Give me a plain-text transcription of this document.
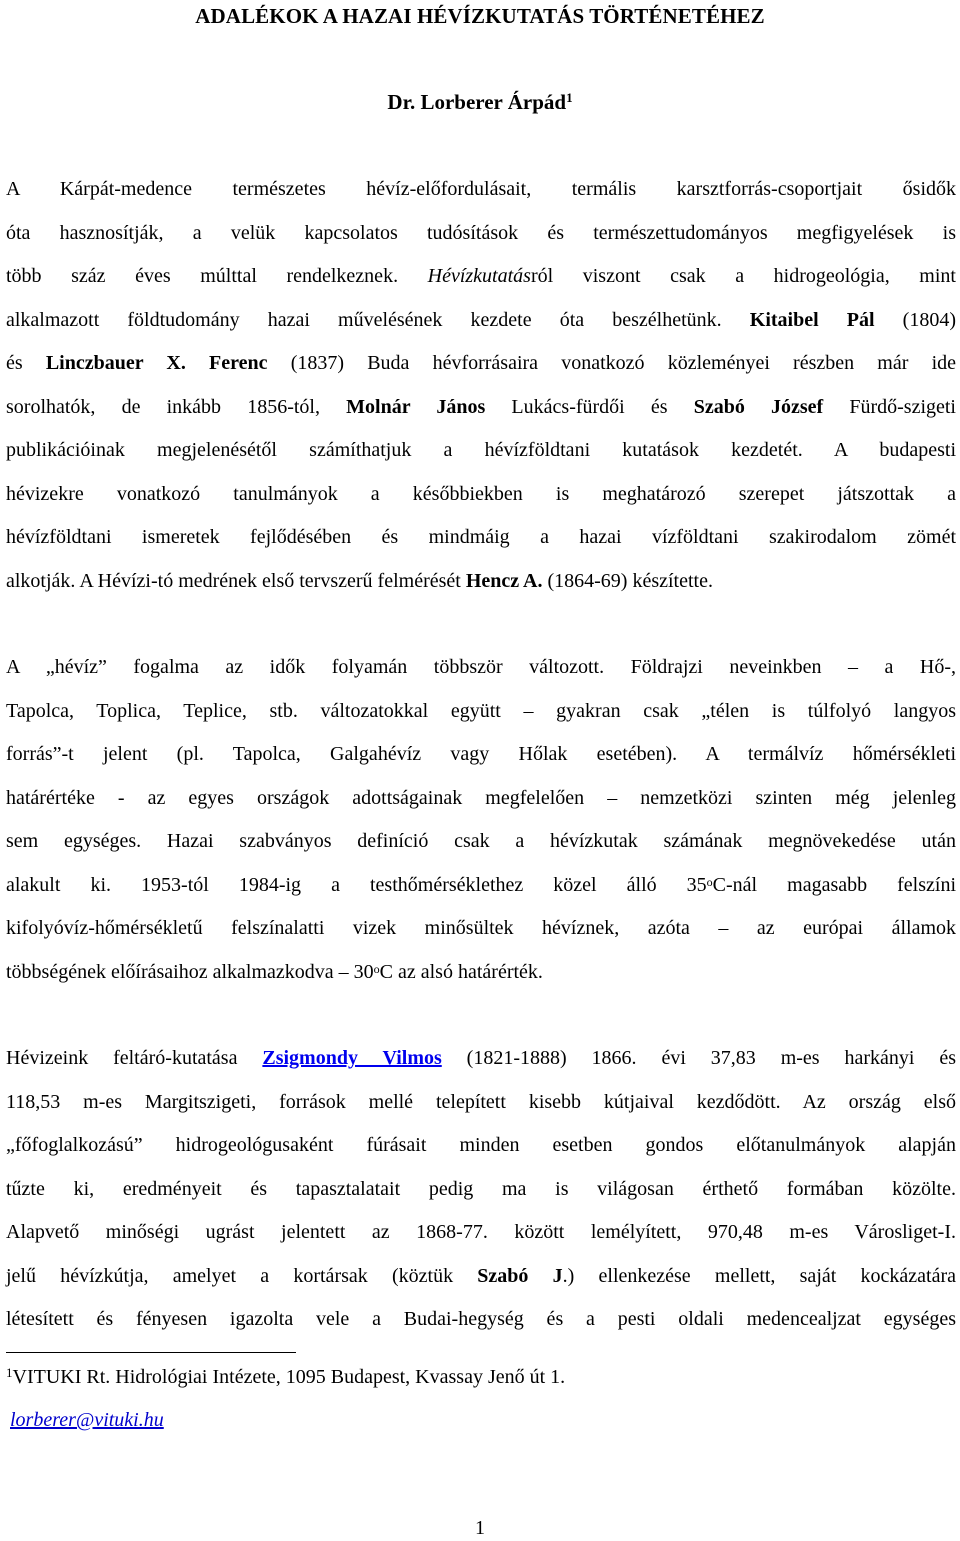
ADALÉKOK A HAZAI HÉVÍZKUTATÁS TÖRTÉNETÉHEZ
Dr. Lorberer Árpád$^1$
A Kárpát-medence természetes hévíz-előfordulásait, termális karsztforrás-csoportjait ősidők
óta hasznosítják, a velük kapcsolatos tudósítások és természettudományos megfigyelések is
több száz éves múlttal rendelkeznek. Hévízkutatásról viszont csak a hidrogeológia, mint
alkalmazott földtudomány hazai művelésének kezdete óta beszélhetünk. Kitaibel Pál (1804)
és Linczbauer X. Ferenc (1837) Buda hévforrásaira vonatkozó közleményei részben már ide
sorolhatók, de inkább 1856-tól, Molnár János Lukács-fürdői és Szabó József Fürdő-szigeti
publikációinak megjelenésétől számíthatjuk a hévízföldtani kutatások kezdetét. A budapesti
hévizekre vonatkozó tanulmányok a későbbiekben is meghatározó szerepet játszottak a
hévízföldtani ismeretek fejlődésében és mindmáig a hazai vízföldtani szakirodalom zömét
alkotják. A Hévízi-tó medrének első tervszerű felmérését Hencz A. (1864-69) készítette.
A „hévíz” fogalma az idők folyamán többször változott. Földrajzi neveinkben – a Hő-,
Tapolca, Toplica, Teplice, stb. változatokkal együtt – gyakran csak „télen is túlfolyó langyos
forrás”-t jelent (pl. Tapolca, Galgahévíz vagy Hőlak esetében). A termálvíz hőmérsékleti
határértéke - az egyes országok adottságainak megfelelően – nemzetközi szinten még jelenleg
sem egységes. Hazai szabványos definíció csak a hévízkutak számának megnövekedése után
alakult ki. 1953-tól 1984-ig a testhőmérséklethez közel álló 35$^o$C-nál magasabb felszíni
kifolyóvíz-hőmérsékletű felszínalatti vizek minősültek hévíznek, azóta – az európai államok
többségének előírásaihoz alkalmazkodva – 30$^o$C az alsó határérték.
Hévizeink feltáró-kutatása Zsigmondy Vilmos (1821-1888) 1866. évi 37,83 m-es harkányi és
118,53 m-es Margitszigeti, források mellé telepített kisebb kútjaival kezdődött. Az ország első
„főfoglalkozású” hidrogeológusaként fúrásait minden esetben gondos előtanulmányok alapján
tűzte ki, eredményeit és tapasztalatait pedig ma is világosan érthető formában közölte.
Alapvető minőségi ugrást jelentett az 1868-77. között lemélyített, 970,48 m-es Városliget-I.
jelű hévízkútja, amelyet a kortársak (köztük Szabó J.) ellenkezése mellett, saját kockázatára
létesített és fényesen igazolta vele a Budai-hegység és a pesti oldali medencealjzat egységes
$^1$VITUKI Rt. Hidrológiai Intézete, 1095 Budapest, Kvassay Jenő út 1.
lorberer@vituki.hu
1
